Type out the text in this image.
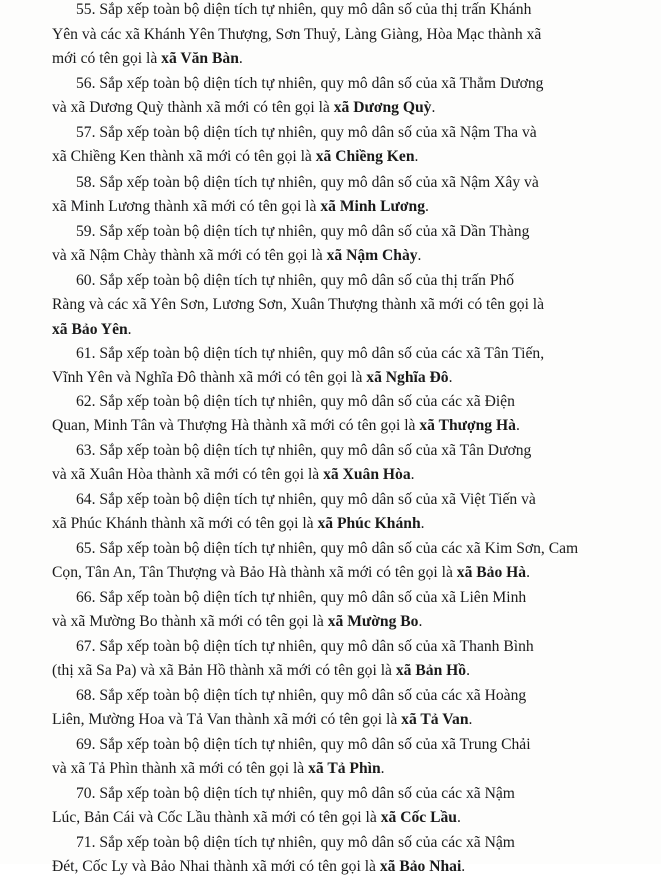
55. Sắp xếp toàn bộ diện tích tự nhiên, quy mô dân số của thị trấn Khánh
Yên và các xã Khánh Yên Thượng, Sơn Thuỷ, Làng Giàng, Hòa Mạc thành xã
mới có tên gọi là xã Văn Bàn.
56. Sắp xếp toàn bộ diện tích tự nhiên, quy mô dân số của xã Thẳm Dương
và xã Dương Quỳ thành xã mới có tên gọi là xã Dương Quỳ.
57. Sắp xếp toàn bộ diện tích tự nhiên, quy mô dân số của xã Nậm Tha và
xã Chiềng Ken thành xã mới có tên gọi là xã Chiềng Ken.
58. Sắp xếp toàn bộ diện tích tự nhiên, quy mô dân số của xã Nậm Xây và
xã Minh Lương thành xã mới có tên gọi là xã Minh Lương.
59. Sắp xếp toàn bộ diện tích tự nhiên, quy mô dân số của xã Dần Thàng
và xã Nậm Chày thành xã mới có tên gọi là xã Nậm Chày.
60. Sắp xếp toàn bộ diện tích tự nhiên, quy mô dân số của thị trấn Phố
Ràng và các xã Yên Sơn, Lương Sơn, Xuân Thượng thành xã mới có tên gọi là
xã Bảo Yên.
61. Sắp xếp toàn bộ diện tích tự nhiên, quy mô dân số của các xã Tân Tiến,
Vĩnh Yên và Nghĩa Đô thành xã mới có tên gọi là xã Nghĩa Đô.
62. Sắp xếp toàn bộ diện tích tự nhiên, quy mô dân số của các xã Điện
Quan, Minh Tân và Thượng Hà thành xã mới có tên gọi là xã Thượng Hà.
63. Sắp xếp toàn bộ diện tích tự nhiên, quy mô dân số của xã Tân Dương
và xã Xuân Hòa thành xã mới có tên gọi là xã Xuân Hòa.
64. Sắp xếp toàn bộ diện tích tự nhiên, quy mô dân số của xã Việt Tiến và
xã Phúc Khánh thành xã mới có tên gọi là xã Phúc Khánh.
65. Sắp xếp toàn bộ diện tích tự nhiên, quy mô dân số của các xã Kim Sơn, Cam
Cọn, Tân An, Tân Thượng và Bảo Hà thành xã mới có tên gọi là xã Bảo Hà.
66. Sắp xếp toàn bộ diện tích tự nhiên, quy mô dân số của xã Liên Minh
và xã Mường Bo thành xã mới có tên gọi là xã Mường Bo.
67. Sắp xếp toàn bộ diện tích tự nhiên, quy mô dân số của xã Thanh Bình
(thị xã Sa Pa) và xã Bản Hồ thành xã mới có tên gọi là xã Bản Hồ.
68. Sắp xếp toàn bộ diện tích tự nhiên, quy mô dân số của các xã Hoàng
Liên, Mường Hoa và Tả Van thành xã mới có tên gọi là xã Tả Van.
69. Sắp xếp toàn bộ diện tích tự nhiên, quy mô dân số của xã Trung Chải
và xã Tả Phìn thành xã mới có tên gọi là xã Tả Phìn.
70. Sắp xếp toàn bộ diện tích tự nhiên, quy mô dân số của các xã Nậm
Lúc, Bản Cái và Cốc Lầu thành xã mới có tên gọi là xã Cốc Lầu.
71. Sắp xếp toàn bộ diện tích tự nhiên, quy mô dân số của các xã Nậm
Đét, Cốc Ly và Bảo Nhai thành xã mới có tên gọi là xã Bảo Nhai.
